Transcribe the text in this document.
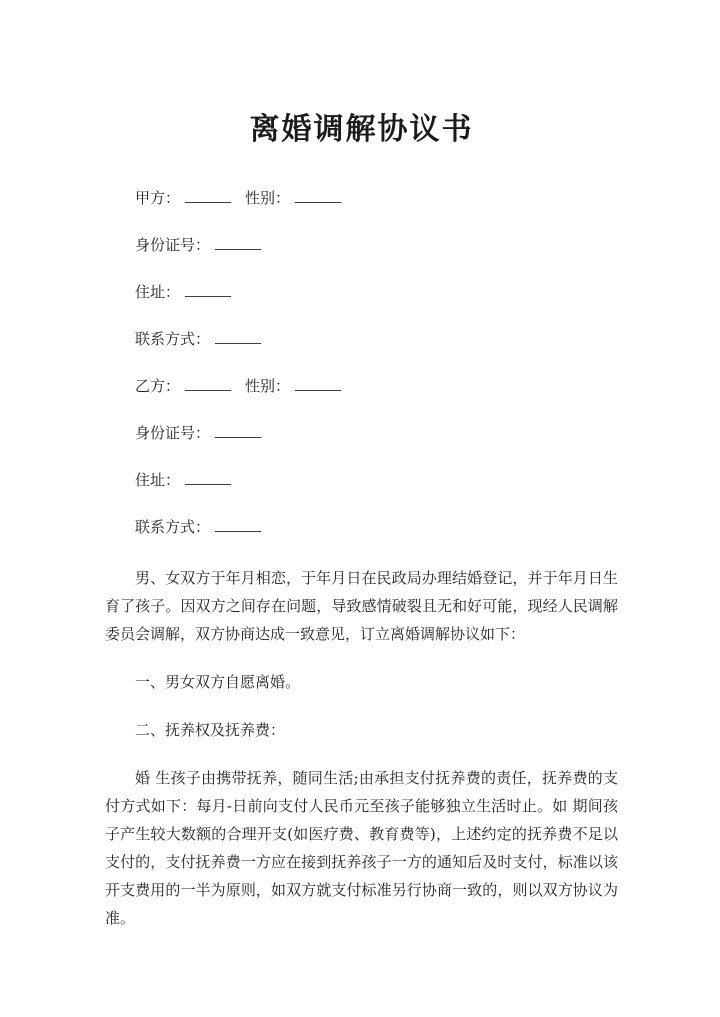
离婚调解协议书
甲方：	性别：
身份证号：
住址：
联系方式：
乙方：	性别：
身份证号：
住址：
联系方式：

男、女双方于年月相恋，于年月日在民政局办理结婚登记，并于年月日生育了孩子。因双方之间存在问题，导致感情破裂且无和好可能，现经人民调解委员会调解，双方协商达成一致意见，订立离婚调解协议如下：

一、男女双方自愿离婚。

二、抚养权及抚养费：

婚 生孩子由携带抚养，随同生活;由承担支付抚养费的责任，抚养费的支付方式如下：每月-日前向支付人民币元至孩子能够独立生活时止。如 期间孩子产生较大数额的合理开支(如医疗费、教育费等)，上述约定的抚养费不足以支付的，支付抚养费一方应在接到抚养孩子一方的通知后及时支付，标准以该 开支费用的一半为原则，如双方就支付标准另行协商一致的，则以双方协议为准。
